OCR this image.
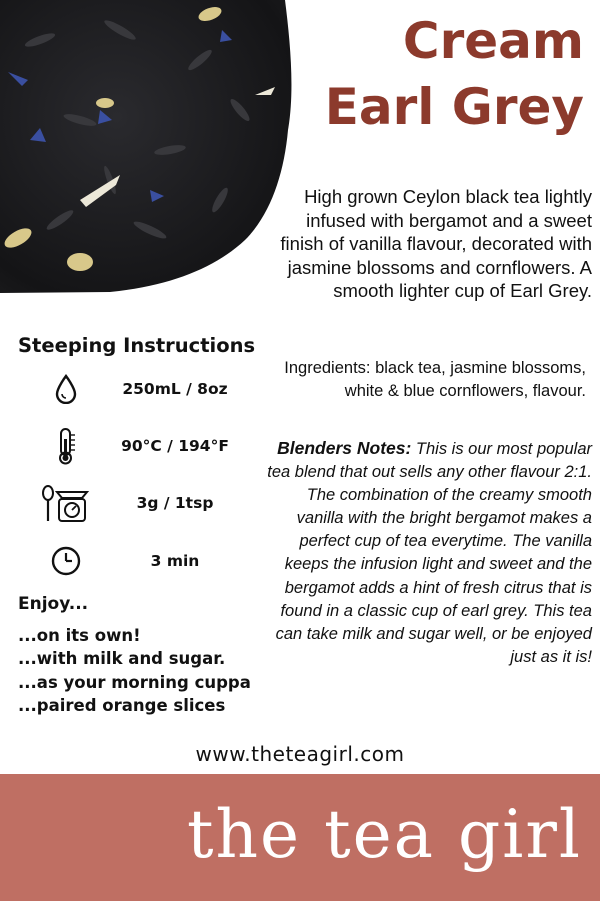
Cream
Earl Grey

High grown Ceylon black tea lightly infused with bergamot and a sweet finish of vanilla flavour, decorated with jasmine blossoms and cornflowers. A smooth lighter cup of Earl Grey.

Ingredients: black tea, jasmine blossoms, white & blue cornflowers, flavour.

Blenders Notes: This is our most popular tea blend that out sells any other flavour 2:1. The combination of the creamy smooth vanilla with the bright bergamot makes a perfect cup of tea everytime. The vanilla keeps the infusion light and sweet and the bergamot adds a hint of fresh citrus that is found in a classic cup of earl grey. This tea can take milk and sugar well, or be enjoyed just as it is!

Steeping Instructions
250mL / 8oz
90°C / 194°F
3g / 1tsp
3 min
Enjoy...
...on its own!
...with milk and sugar.
...as your morning cuppa
...paired orange slices
www.theteagirl.com

the tea girl
